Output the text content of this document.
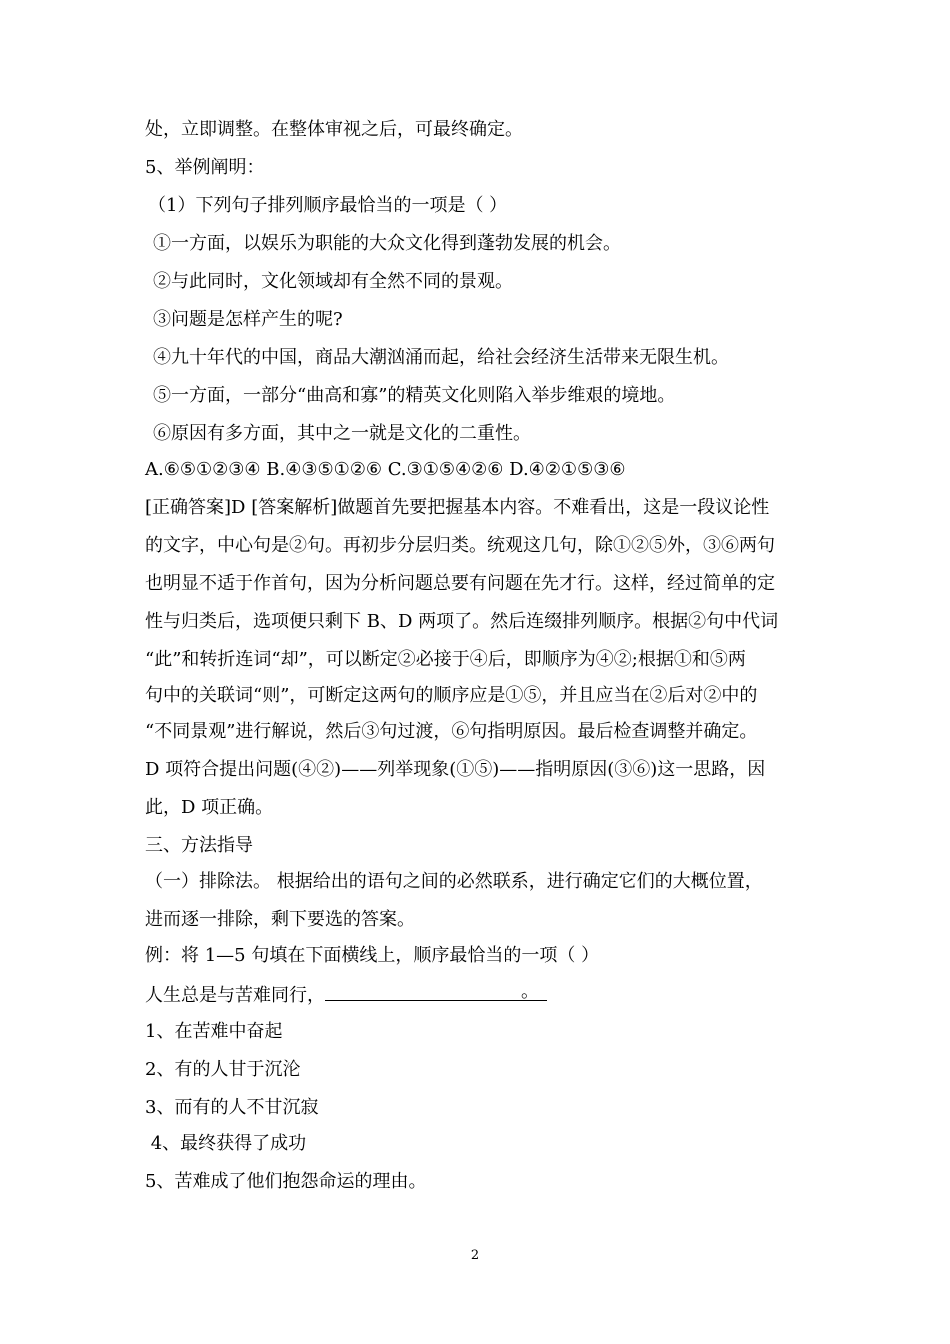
处，立即调整。在整体审视之后，可最终确定。
5、举例阐明：
（1）下列句子排列顺序最恰当的一项是（ ）
①一方面，以娱乐为职能的大众文化得到蓬勃发展的机会。
②与此同时，文化领域却有全然不同的景观。
③问题是怎样产生的呢?
④九十年代的中国，商品大潮汹涌而起，给社会经济生活带来无限生机。
⑤一方面，一部分“曲高和寡”的精英文化则陷入举步维艰的境地。
⑥原因有多方面，其中之一就是文化的二重性。
A.⑥⑤①②③④ B.④③⑤①②⑥ C.③①⑤④②⑥ D.④②①⑤③⑥
[正确答案]D [答案解析]做题首先要把握基本内容。不难看出，这是一段议论性
的文字，中心句是②句。再初步分层归类。统观这几句，除①②⑤外，③⑥两句
也明显不适于作首句，因为分析问题总要有问题在先才行。这样，经过简单的定
性与归类后，选项便只剩下 B、D 两项了。然后连缀排列顺序。根据②句中代词
“此”和转折连词“却”，可以断定②必接于④后，即顺序为④②;根据①和⑤两
句中的关联词“则”，可断定这两句的顺序应是①⑤，并且应当在②后对②中的
“不同景观”进行解说，然后③句过渡，⑥句指明原因。最后检查调整并确定。
D 项符合提出问题(④②)——列举现象(①⑤)——指明原因(③⑥)这一思路，因
此，D 项正确。
三、方法指导
（一）排除法。 根据给出的语句之间的必然联系，进行确定它们的大概位置，
进而逐一排除，剩下要选的答案。
例：将 1—5 句填在下面横线上，顺序最恰当的一项（ ）
人生总是与苦难同行，	。
1、在苦难中奋起
2、有的人甘于沉沦
3、而有的人不甘沉寂
4、最终获得了成功
5、苦难成了他们抱怨命运的理由。
2
